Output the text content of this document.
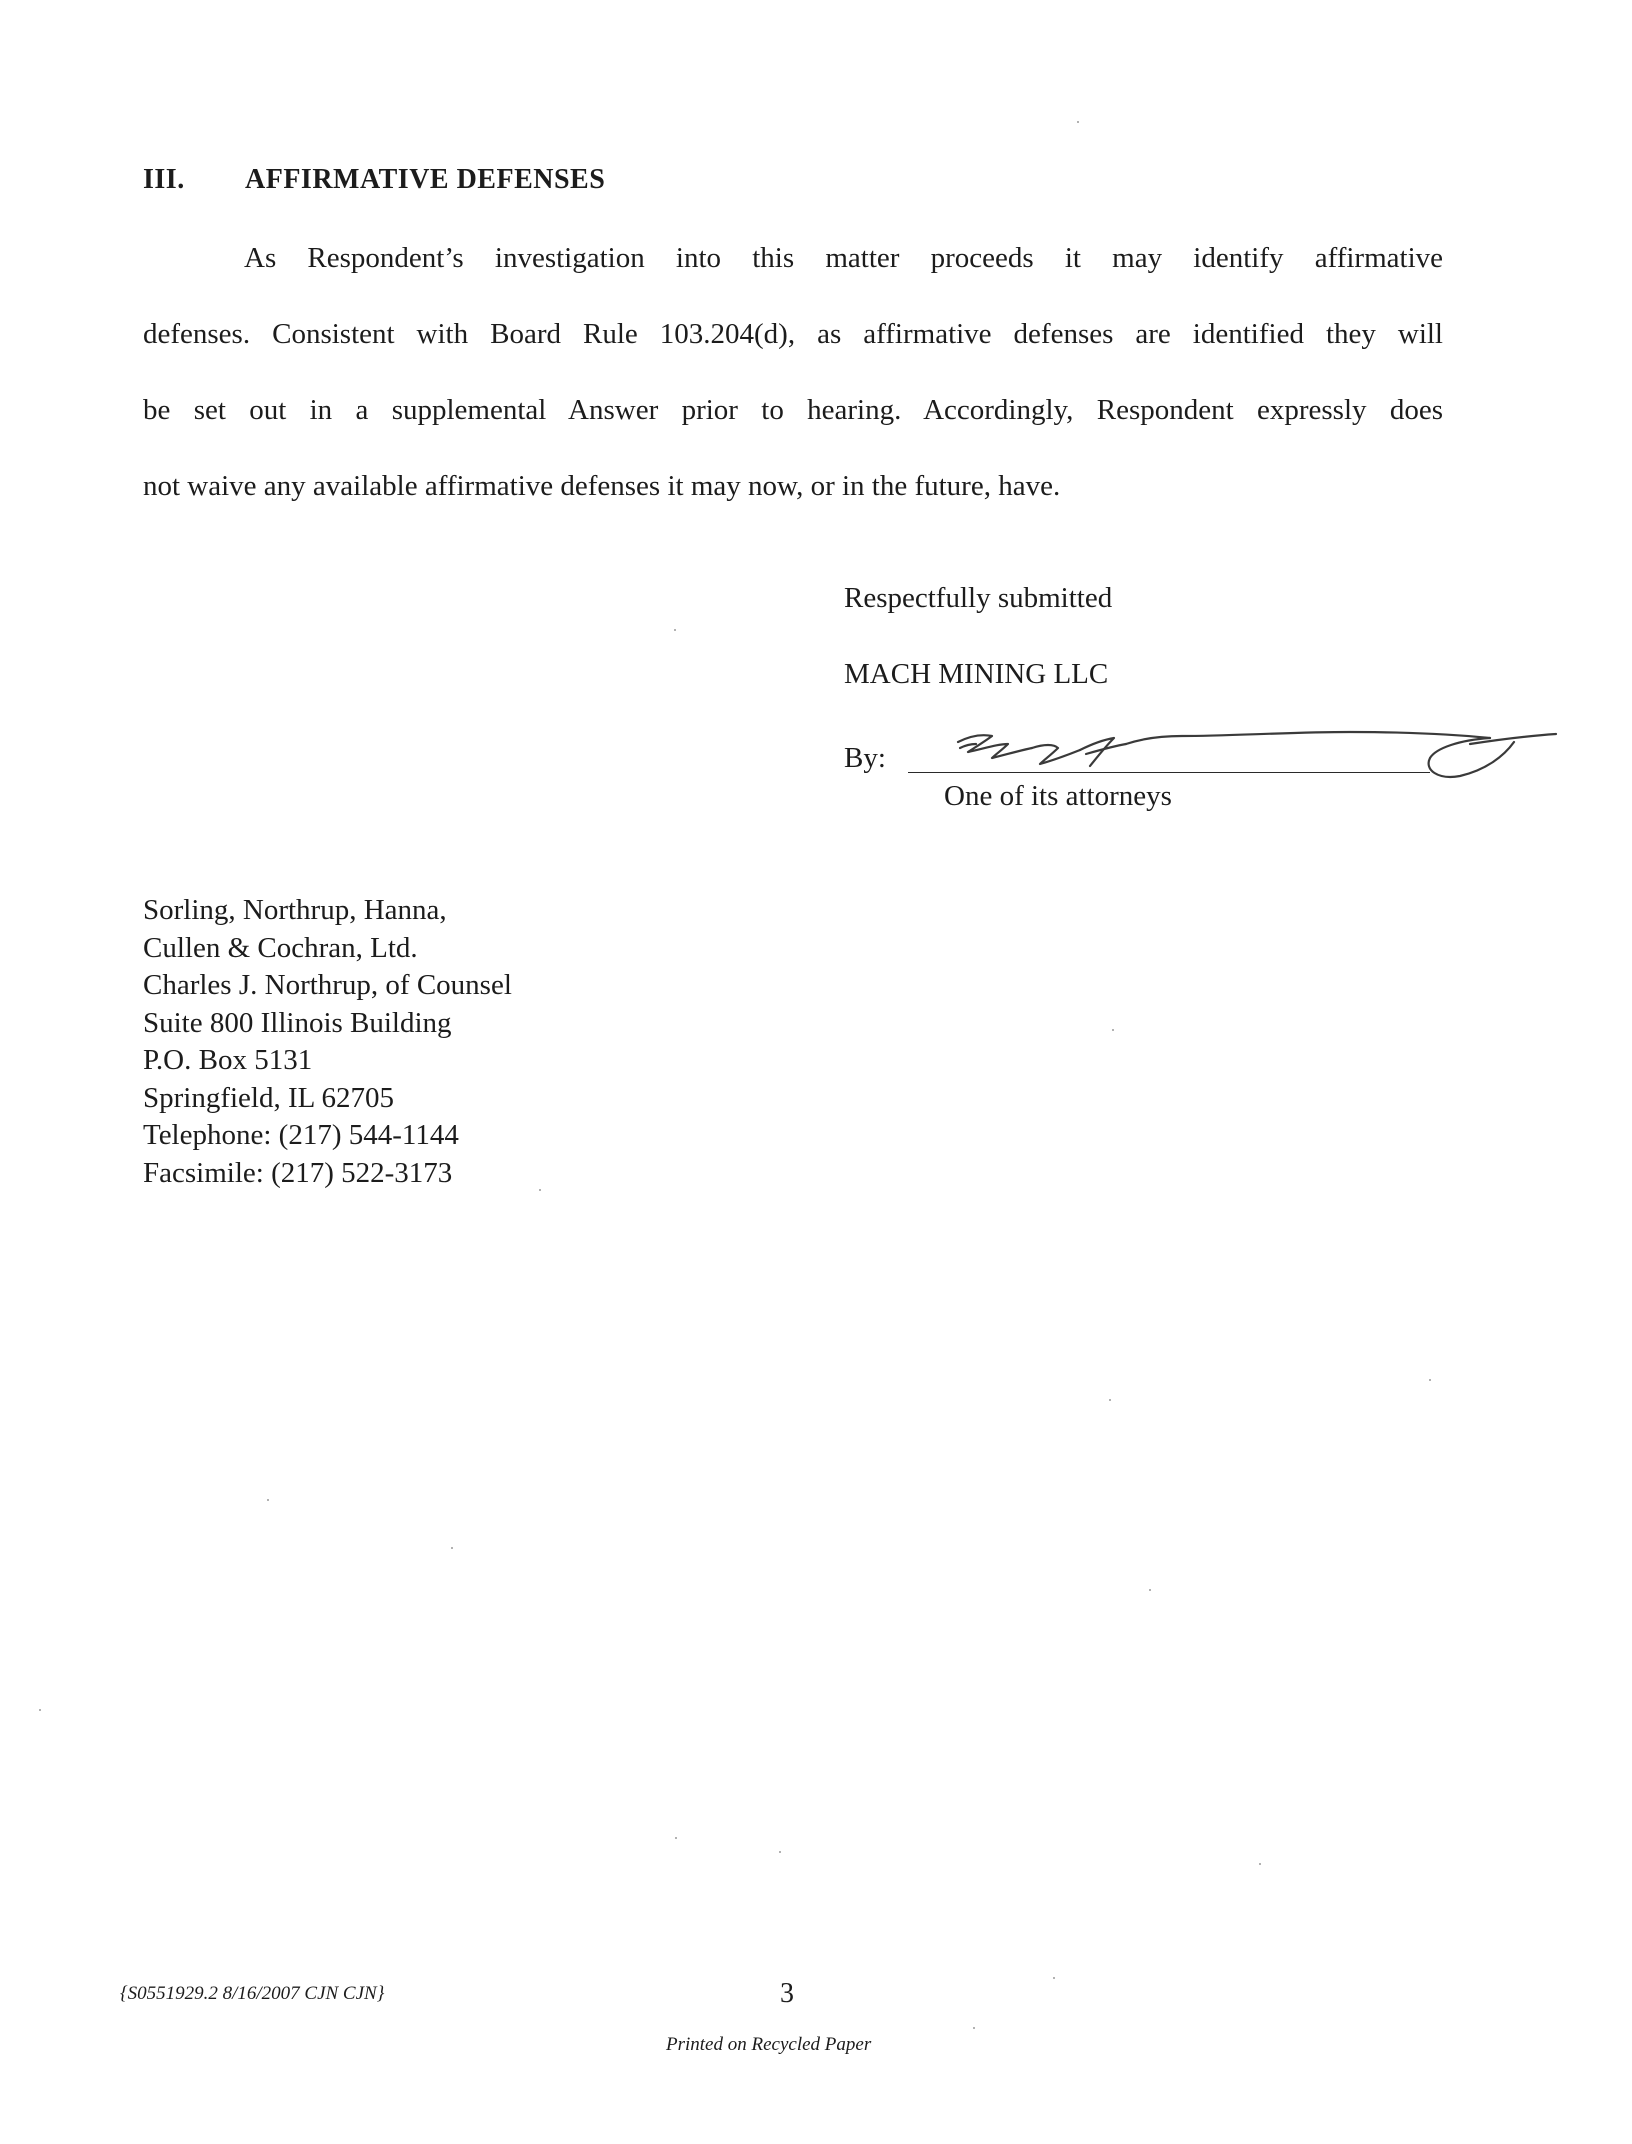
III. AFFIRMATIVE DEFENSES
As Respondent’s investigation into this matter proceeds it may identify affirmative
defenses. Consistent with Board Rule 103.204(d), as affirmative defenses are identified they will
be set out in a supplemental Answer prior to hearing. Accordingly, Respondent expressly does
not waive any available affirmative defenses it may now, or in the future, have.
Respectfully submitted
MACH MINING LLC
By:
One of its attorneys
Sorling, Northrup, Hanna,
Cullen & Cochran, Ltd.
Charles J. Northrup, of Counsel
Suite 800 Illinois Building
P.O. Box 5131
Springfield, IL 62705
Telephone: (217) 544-1144
Facsimile: (217) 522-3173
{S0551929.2 8/16/2007 CJN CJN}	3
Printed on Recycled Paper
